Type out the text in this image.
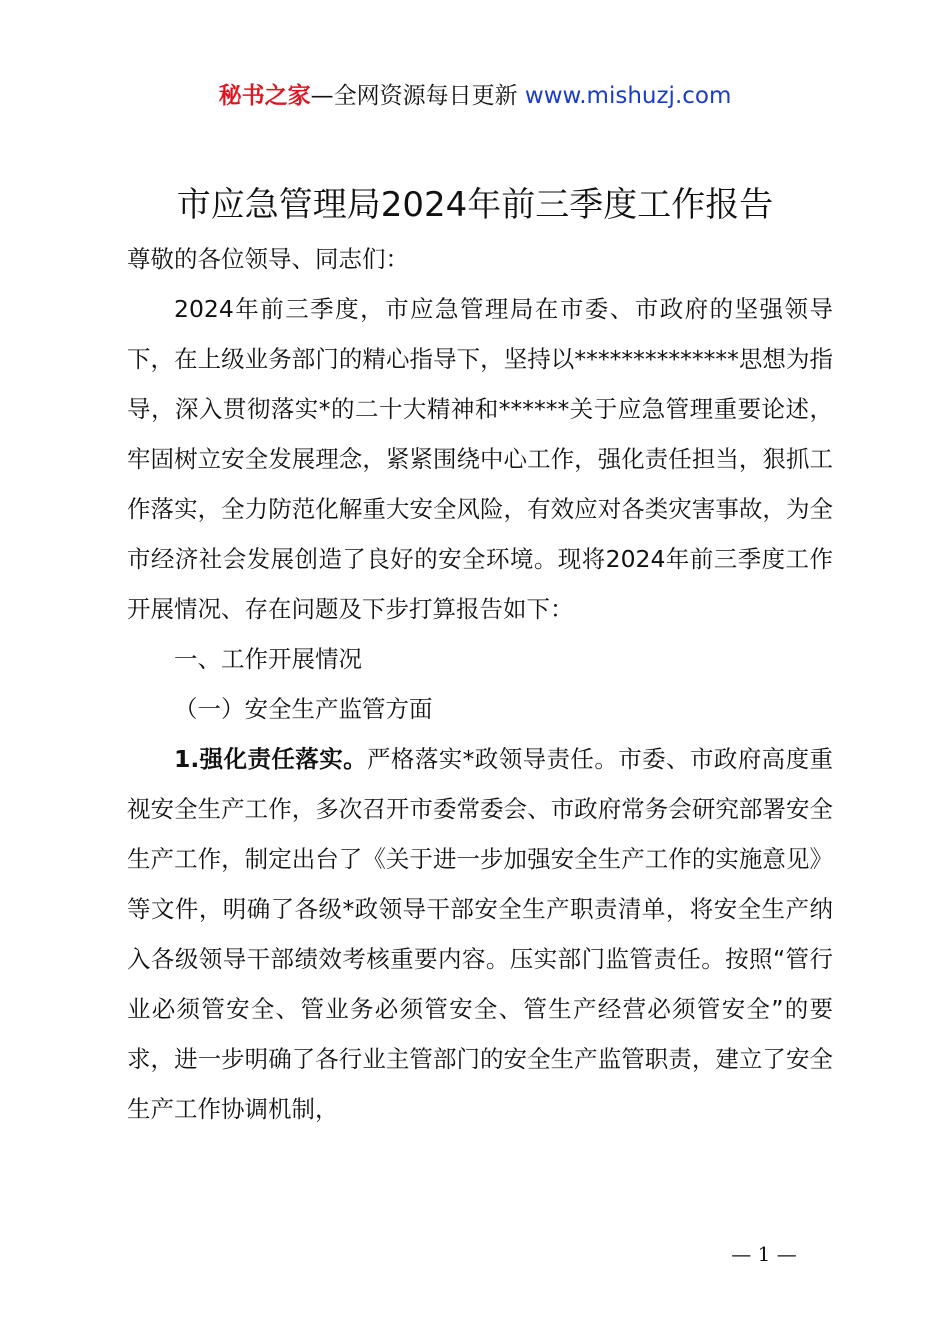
秘书之家—全网资源每日更新 www.mishuzj.com
市应急管理局2024年前三季度工作报告

尊敬的各位领导、同志们：

2024年前三季度，市应急管理局在市委、市政府的坚强领导下，在上级业务部门的精心指导下，坚持以**************思想为指导，深入贯彻落实*的二十大精神和******关于应急管理重要论述，牢固树立安全发展理念，紧紧围绕中心工作，强化责任担当，狠抓工作落实，全力防范化解重大安全风险，有效应对各类灾害事故，为全市经济社会发展创造了良好的安全环境。现将2024年前三季度工作开展情况、存在问题及下步打算报告如下：

一、工作开展情况

（一）安全生产监管方面

1.强化责任落实。严格落实*政领导责任。市委、市政府高度重视安全生产工作，多次召开市委常委会、市政府常务会研究部署安全生产工作，制定出台了《关于进一步加强安全生产工作的实施意见》等文件，明确了各级*政领导干部安全生产职责清单，将安全生产纳入各级领导干部绩效考核重要内容。压实部门监管责任。按照“管行业必须管安全、管业务必须管安全、管生产经营必须管安全”的要求，进一步明确了各行业主管部门的安全生产监管职责，建立了安全生产工作协调机制，

— 1 —
